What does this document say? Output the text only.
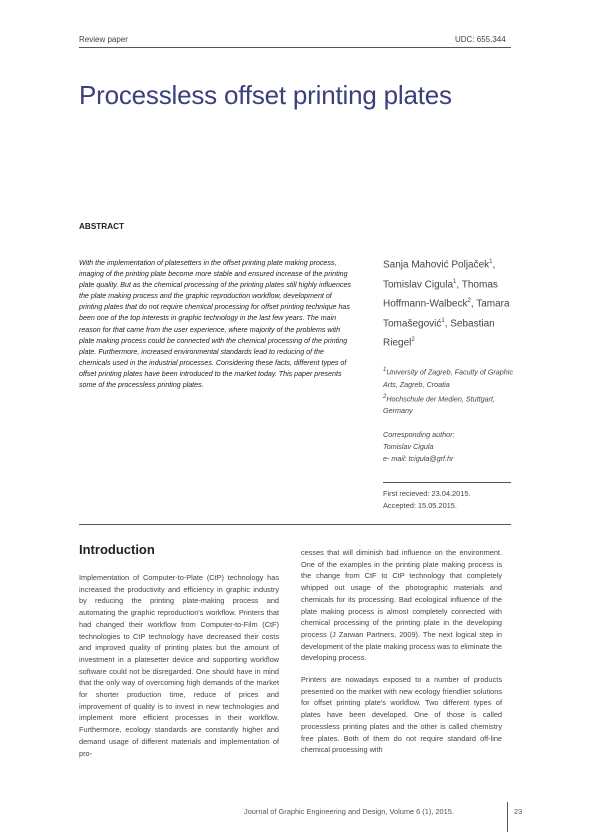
Review paper	UDC: 655.344
Processless offset printing plates
ABSTRACT
With the implementation of platesetters in the offset printing plate making process, imaging of the printing plate become more stable and ensured increase of the printing plate quality. But as the chemical processing of the printing plates still highly influences the plate making process and the graphic reproduction workflow, development of printing plates that do not require chemical processing for offset printing technique has been one of the top interests in graphic technology in the last few years. The main reason for that came from the user experience, where majority of the problems with plate making process could be connected with the chemical processing of the printing plate. Furthermore, increased environmental standards lead to reducing of the chemicals used in the industrial processes. Considering these facts, different types of offset printing plates have been introduced to the market today. This paper presents some of the processless printing plates.
Sanja Mahović Poljaček$^1$, Tomislav Cigula$^1$, Thomas Hoffmann-Walbeck$^2$, Tamara Tomašegović$^1$, Sebastian Riegel$^2$
$^1$University of Zagreb, Faculty of Graphic Arts, Zagreb, Croatia
$^2$Hochschule der Medien, Stuttgart, Germany
Corresponding author:
Tomislav Cigula
e- mail: tcigula@grf.hr
First recieved: 23.04.2015.
Accepted: 15.05.2015.
Introduction
Implementation of Computer-to-Plate (CtP) technology has increased the productivity and efficiency in graphic industry by reducing the printing plate-making process and automating the graphic reproduction's workflow. Printers that had changed their workflow from Computer-to-Film (CtF) technologies to CtP technology have decreased their costs and improved quality of printing plates but the amount of investment in a platesetter device and supporting workflow software could not be disregarded. One should have in mind that the only way of overcoming high demands of the market for shorter production time, reduce of prices and improvement of quality is to invest in new technologies and implement more efficient processes in their workflow. Furthermore, ecology standards are constantly higher and demand usage of different materials and implementation of pro-

cesses that will diminish bad influence on the environment. One of the examples in the printing plate making process is the change from CtF to CtP technology that completely whipped out usage of the photographic materials and chemicals for its processing. Bad ecological influence of the plate making process is almost completely connected with chemical processing of the printing plate in the developing process (J Zarwan Partners, 2009). The next logical step in development of the plate making process was to eliminate the developing process.

Printers are nowadays exposed to a number of products presented on the market with new ecology friendlier solutions for offset printing plate's workflow. Two different types of plates have been developed. One of those is called processless printing plates and the other is called chemistry free plates. Both of them do not require standard off-line chemical processing with

Journal of Graphic Engineering and Design, Volume 6 (1), 2015.	23
